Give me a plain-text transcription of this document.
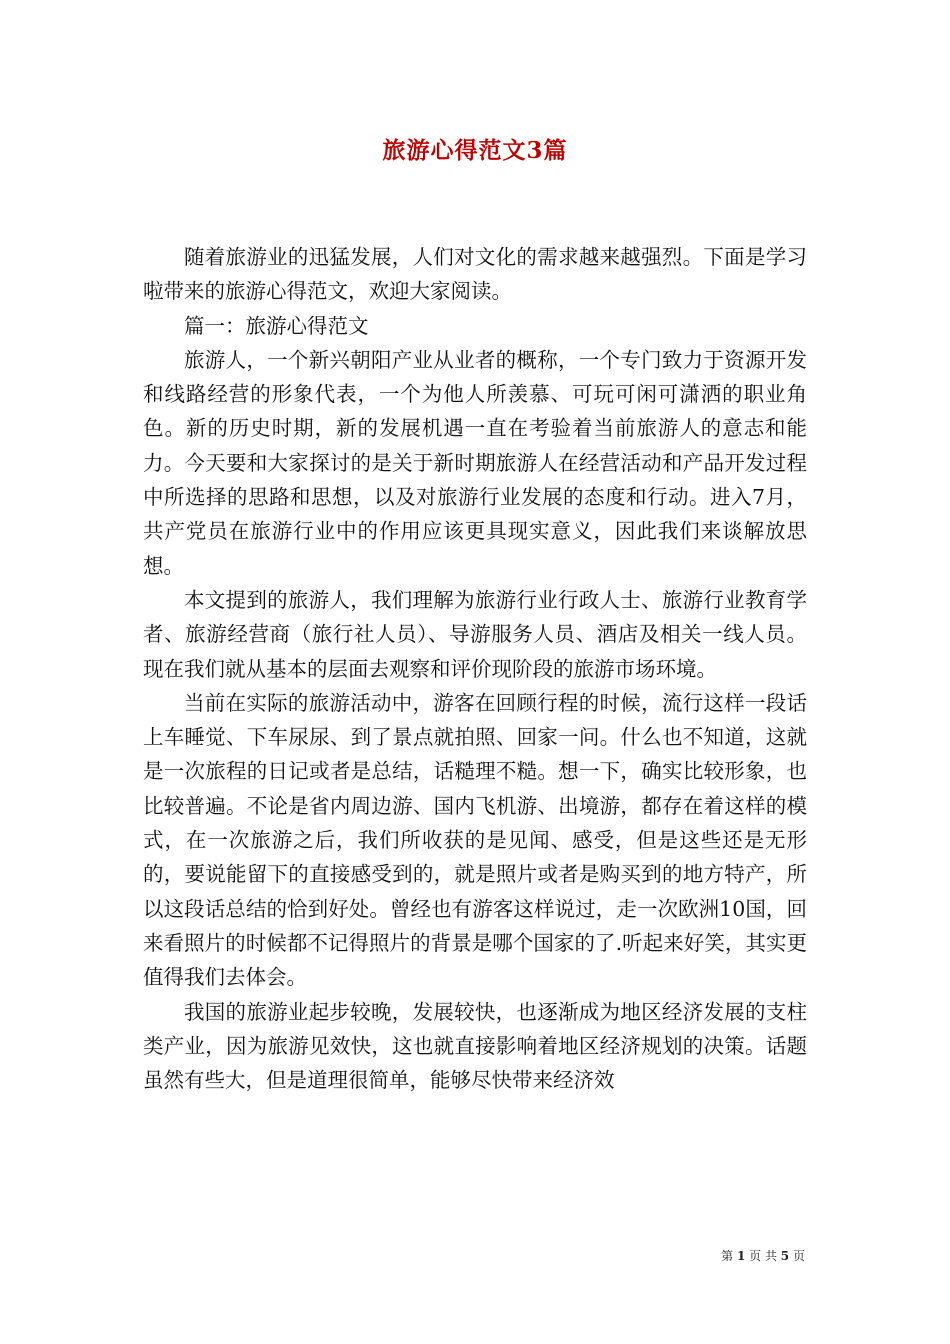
旅游心得范文3篇

随着旅游业的迅猛发展，人们对文化的需求越来越强烈。下面是学习啦带来的旅游心得范文，欢迎大家阅读。

篇一：旅游心得范文

旅游人，一个新兴朝阳产业从业者的概称，一个专门致力于资源开发和线路经营的形象代表，一个为他人所羡慕、可玩可闲可潇洒的职业角色。新的历史时期，新的发展机遇一直在考验着当前旅游人的意志和能力。今天要和大家探讨的是关于新时期旅游人在经营活动和产品开发过程中所选择的思路和思想，以及对旅游行业发展的态度和行动。进入7月，共产党员在旅游行业中的作用应该更具现实意义，因此我们来谈解放思想。

本文提到的旅游人，我们理解为旅游行业行政人士、旅游行业教育学者、旅游经营商（旅行社人员）、导游服务人员、酒店及相关一线人员。现在我们就从基本的层面去观察和评价现阶段的旅游市场环境。

当前在实际的旅游活动中，游客在回顾行程的时候，流行这样一段话上车睡觉、下车尿尿、到了景点就拍照、回家一问。什么也不知道，这就是一次旅程的日记或者是总结，话糙理不糙。想一下，确实比较形象，也比较普遍。不论是省内周边游、国内飞机游、出境游，都存在着这样的模式，在一次旅游之后，我们所收获的是见闻、感受，但是这些还是无形的，要说能留下的直接感受到的，就是照片或者是购买到的地方特产，所以这段话总结的恰到好处。曾经也有游客这样说过，走一次欧洲10国，回来看照片的时候都不记得照片的背景是哪个国家的了.听起来好笑，其实更值得我们去体会。

我国的旅游业起步较晚，发展较快，也逐渐成为地区经济发展的支柱类产业，因为旅游见效快，这也就直接影响着地区经济规划的决策。话题虽然有些大，但是道理很简单，能够尽快带来经济效

第 1 页 共 5 页
